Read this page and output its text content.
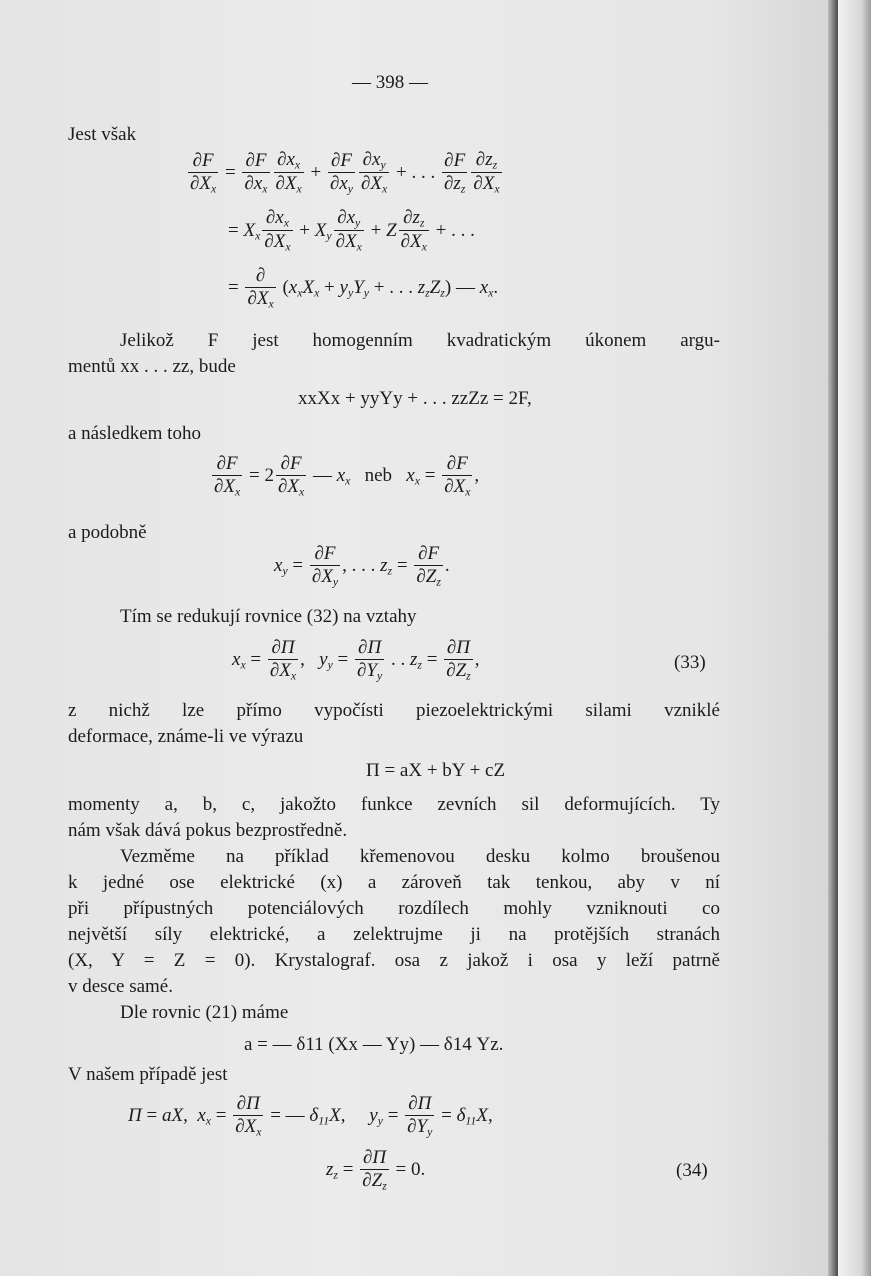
— 398 —
Jest však
$\frac{\partial F}{\partial X_x} = \frac{\partial F}{\partial x_x} \frac{\partial x_x}{\partial X_x} + \frac{\partial F}{\partial x_y} \frac{\partial x_y}{\partial X_x}$ + . . . $\frac{\partial F}{\partial z_z} \frac{\partial z_z}{\partial X_x}$
= $X_x \frac{\partial x_x}{\partial X_x} + X_y \frac{\partial x_y}{\partial X_x} + Z \frac{\partial z_z}{\partial X_x}$ + . . .
=
∂
$\partial X_x$
($x_xX_x + y_yY_y$ + . . . $z_zZ_z$) — $x_x$.
Jelikož F jest homogenním kvadratickým úkonem argu-
mentů xx . . . zz, bude
xxXx + yyYy + . . . zzZz = 2F,
a následkem toho
$\frac{\partial F}{\partial X_x} = 2 \frac{\partial F}{\partial X_x}$ — $x_x$ neb $x_x = \frac{\partial F}{\partial X_x}$ ,
a podobně
$x_y = \frac{\partial F}{\partial X_y}$ , . . . $z_z = \frac{\partial F}{\partial Z_z}$ .
Tím se redukují rovnice (32) na vztahy
$x_x = \frac{\partial\Pi}{\partial X_x}$ ,   $y_y = \frac{\partial\Pi}{\partial Y_y}$ . . $z_z = \frac{\partial\Pi}{\partial Z_z}$ ,	(33)
z nichž lze přímo vypočísti piezoelektrickými silami vzniklé
deformace, známe-li ve výrazu
Π = aX + bY + cZ
momenty a, b, c, jakožto funkce zevních sil deformujících. Ty
nám však dává pokus bezprostředně.
Vezměme na příklad křemenovou desku kolmo broušenou
k jedné ose elektrické (x) a zároveň tak tenkou, aby v ní
při přípustných potenciálových rozdílech mohly vzniknouti co
největší síly elektrické, a zelektrujme ji na protějších stranách
(X, Y = Z = 0). Krystalograf. osa z jakož i osa y leží patrně
v desce samé.
Dle rovnic (21) máme
a = — δ11 (Xx — Yy) — δ14 Yz.
V našem případě jest
Π = aX,  $x_x = \frac{\partial\Pi}{\partial X_x}$ = — $\delta_{11}X$,     $y_y = \frac{\partial\Pi}{\partial Y_y} = \delta_{11}X$,
$z_z = \frac{\partial\Pi}{\partial Z_z} = 0$.	(34)
